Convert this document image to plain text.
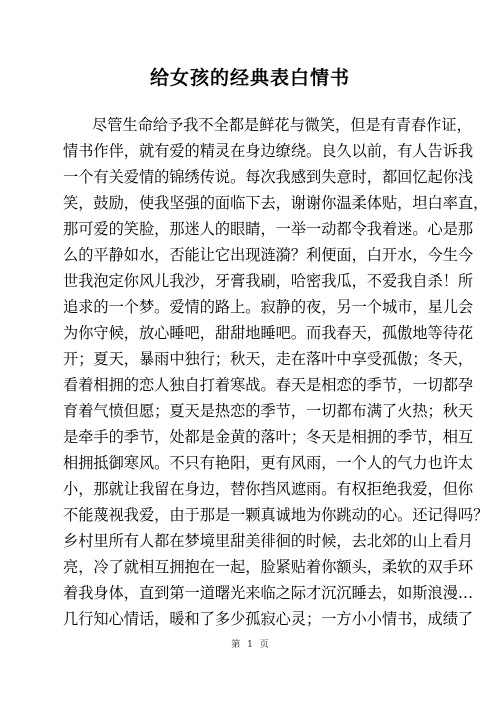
给女孩的经典表白情书
尽管生命给予我不全都是鲜花与微笑，但是有青春作证，
情书作伴，就有爱的精灵在身边缭绕。良久以前，有人告诉我
一个有关爱情的锦绣传说。每次我感到失意时，都回忆起你浅
笑，鼓励，使我坚强的面临下去，谢谢你温柔体贴，坦白率直，
那可爱的笑脸，那迷人的眼睛，一举一动都令我着迷。心是那
么的平静如水，否能让它出现涟漪？利便面，白开水，今生今
世我泡定你风儿我沙，牙膏我刷，哈密我瓜，不爱我自杀！所
追求的一个梦。爱情的路上。寂静的夜，另一个城市，星儿会
为你守候，放心睡吧，甜甜地睡吧。而我春天，孤傲地等待花
开；夏天，暴雨中独行；秋天，走在落叶中享受孤傲；冬天，
看着相拥的恋人独自打着寒战。春天是相恋的季节，一切都孕
育着气愤但愿；夏天是热恋的季节，一切都布满了火热；秋天
是牵手的季节，处都是金黄的落叶；冬天是相拥的季节，相互
相拥抵御寒风。不只有艳阳，更有风雨，一个人的气力也许太
小，那就让我留在身边，替你挡风遮雨。有权拒绝我爱，但你
不能蔑视我爱，由于那是一颗真诚地为你跳动的心。还记得吗？
乡村里所有人都在梦境里甜美徘徊的时候，去北郊的山上看月
亮，冷了就相互拥抱在一起，脸紧贴着你额头，柔软的双手环
着我身体，直到第一道曙光来临之际才沉沉睡去，如斯浪漫…
几行知心情话，暖和了多少孤寂心灵；一方小小情书，成绩了
第 1 页
